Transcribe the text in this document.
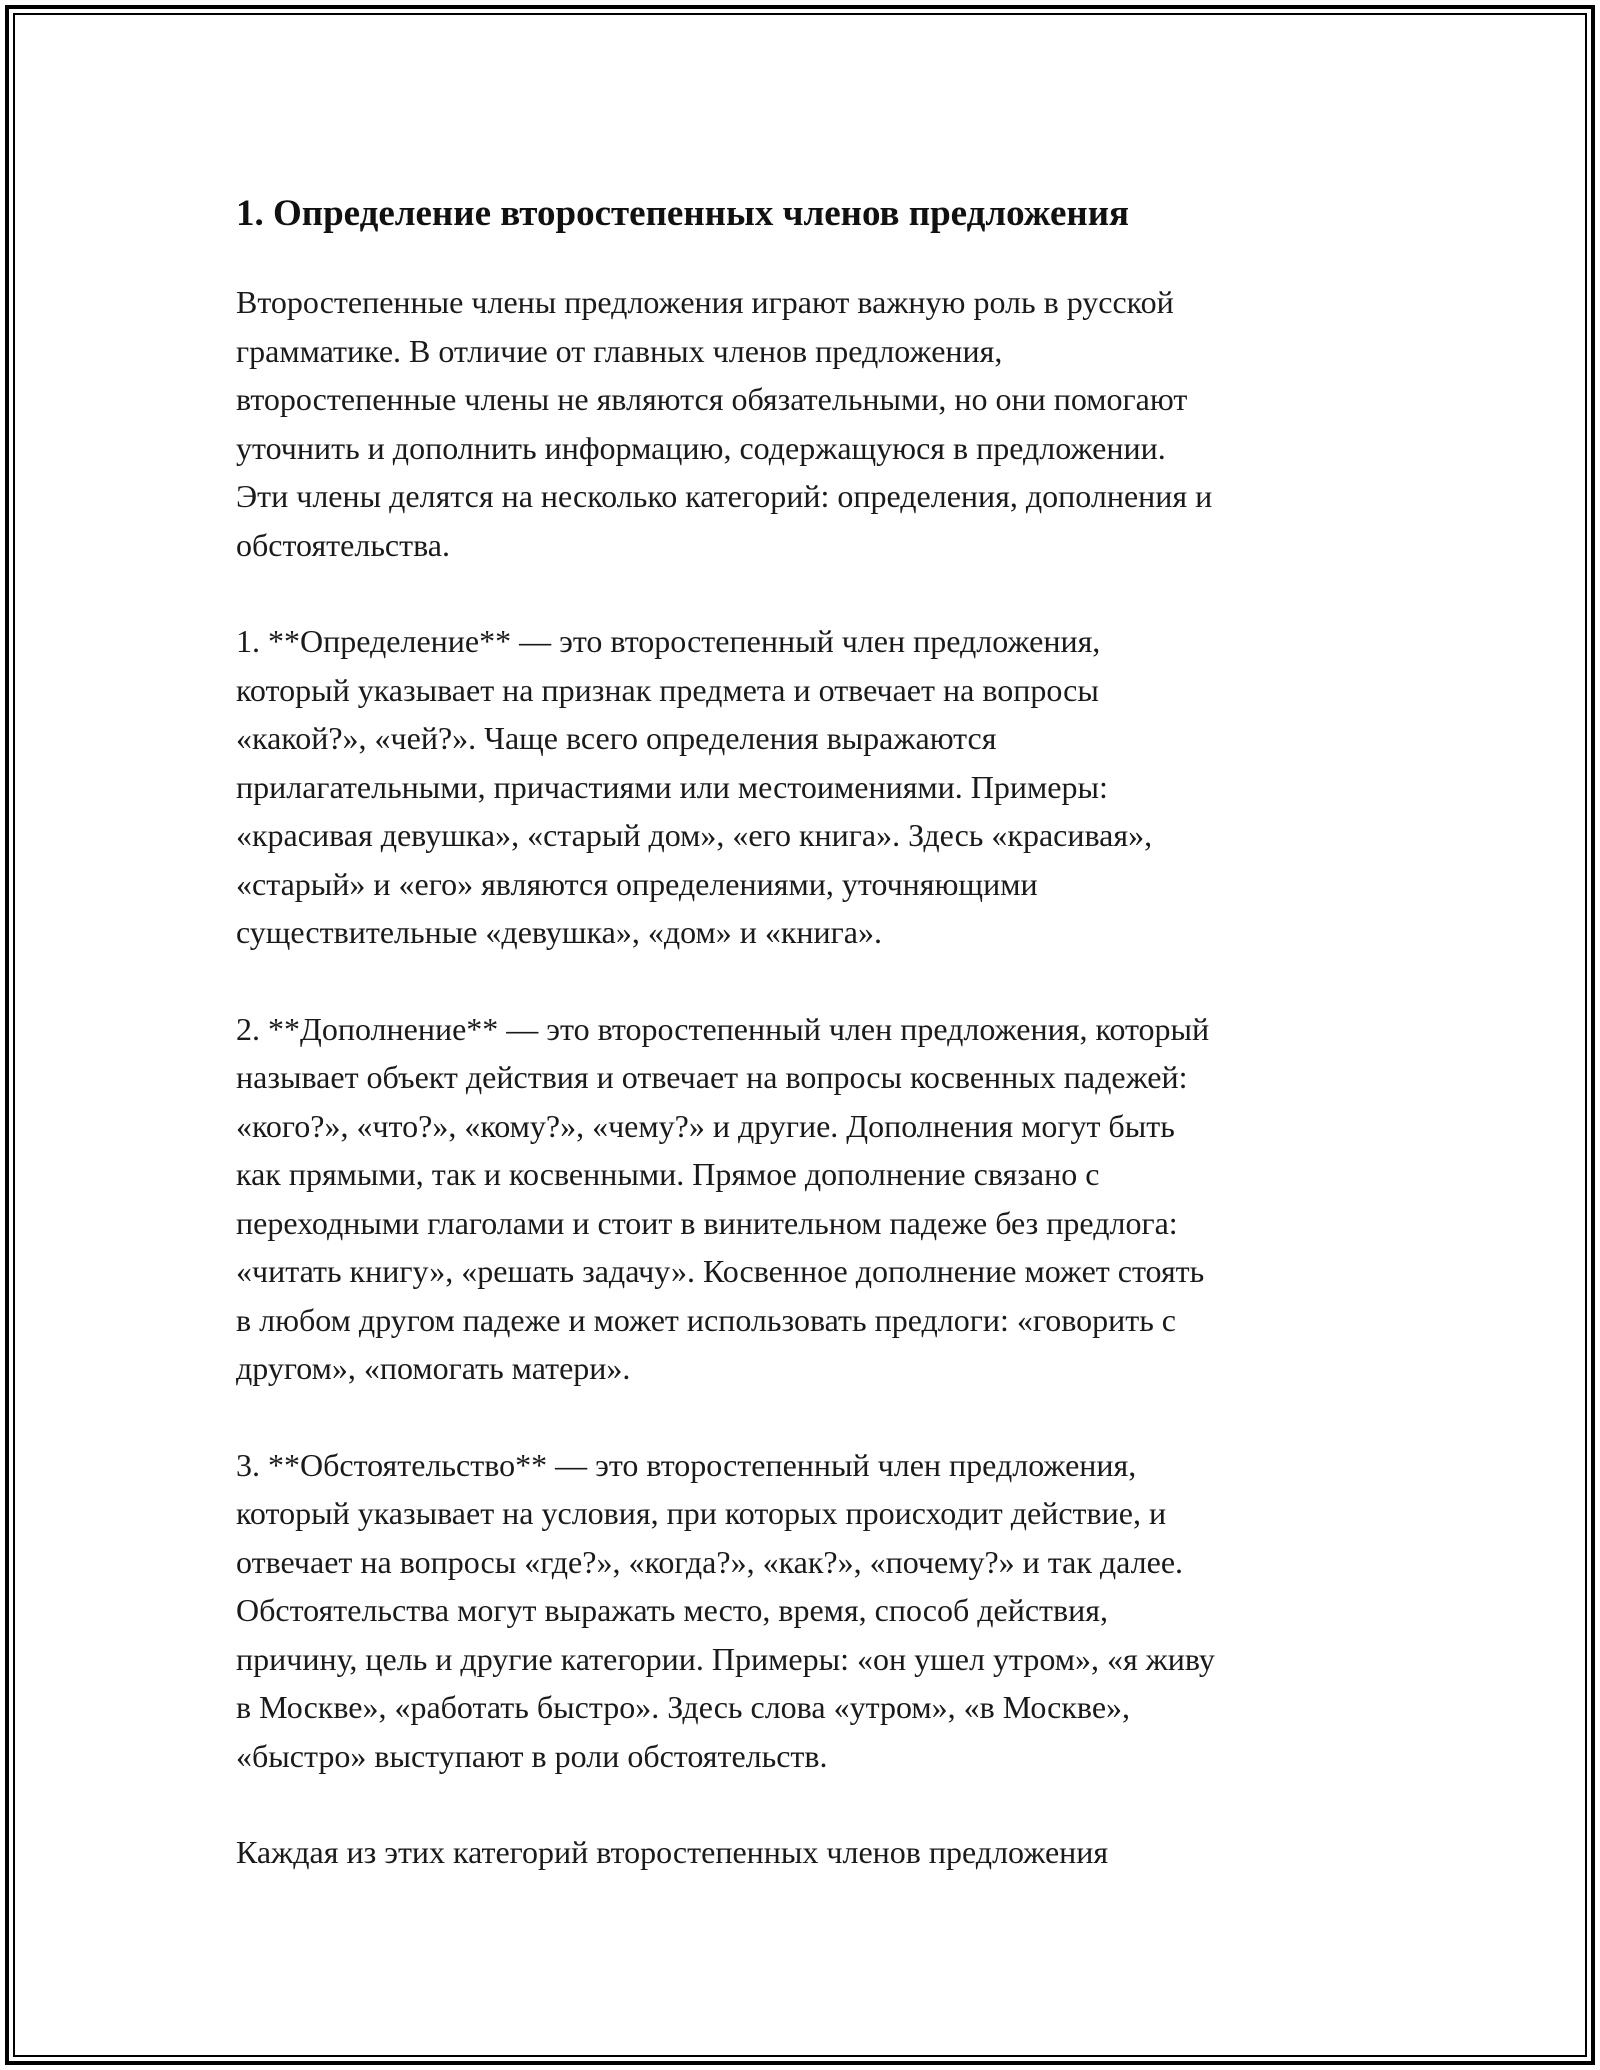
1. Определение второстепенных членов предложения

Второстепенные члены предложения играют важную роль в русской
грамматике. В отличие от главных членов предложения,
второстепенные члены не являются обязательными, но они помогают
уточнить и дополнить информацию, содержащуюся в предложении.
Эти члены делятся на несколько категорий: определения, дополнения и
обстоятельства.

1. **Определение** — это второстепенный член предложения,
который указывает на признак предмета и отвечает на вопросы
«какой?», «чей?». Чаще всего определения выражаются
прилагательными, причастиями или местоимениями. Примеры:
«красивая девушка», «старый дом», «его книга». Здесь «красивая»,
«старый» и «его» являются определениями, уточняющими
существительные «девушка», «дом» и «книга».

2. **Дополнение** — это второстепенный член предложения, который
называет объект действия и отвечает на вопросы косвенных падежей:
«кого?», «что?», «кому?», «чему?» и другие. Дополнения могут быть
как прямыми, так и косвенными. Прямое дополнение связано с
переходными глаголами и стоит в винительном падеже без предлога:
«читать книгу», «решать задачу». Косвенное дополнение может стоять
в любом другом падеже и может использовать предлоги: «говорить с
другом», «помогать матери».

3. **Обстоятельство** — это второстепенный член предложения,
который указывает на условия, при которых происходит действие, и
отвечает на вопросы «где?», «когда?», «как?», «почему?» и так далее.
Обстоятельства могут выражать место, время, способ действия,
причину, цель и другие категории. Примеры: «он ушел утром», «я живу
в Москве», «работать быстро». Здесь слова «утром», «в Москве»,
«быстро» выступают в роли обстоятельств.

Каждая из этих категорий второстепенных членов предложения
